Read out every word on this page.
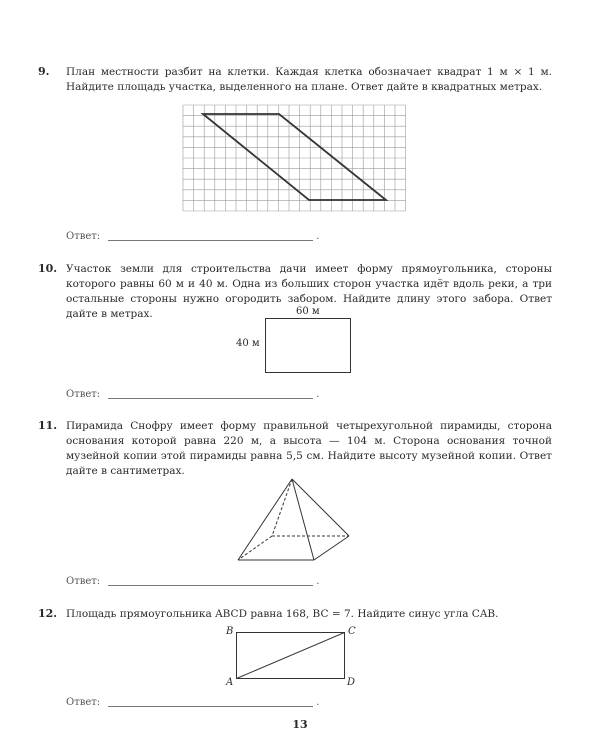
9.	План местности разбит на клетки. Каждая клетка обозначает квадрат 1 м × 1 м. Найдите площадь участка, выделенного на плане. Ответ дайте в квадратных метрах.
Ответ:	.
10. Участок земли для строительства дачи имеет форму прямоугольника, стороны которого равны 60 м и 40 м. Одна из больших сторон участка идёт вдоль реки, а три остальные стороны нужно огородить забором. Найдите длину этого забора. Ответ дайте в метрах.	60 м
40 м
Ответ:	.
11. Пирамида Снофру имеет форму правильной четырехугольной пирамиды, сторона основания которой равна 220 м, а высота — 104 м. Сторона основания точной музейной копии этой пирамиды равна 5,5 см. Найдите высоту музейной копии. Ответ дайте в сантиметрах.
Ответ:	.
12. Площадь прямоугольника ABCD равна 168, BC = 7. Найдите синус угла CAB.
B	C
A	D
Ответ:	.
13
